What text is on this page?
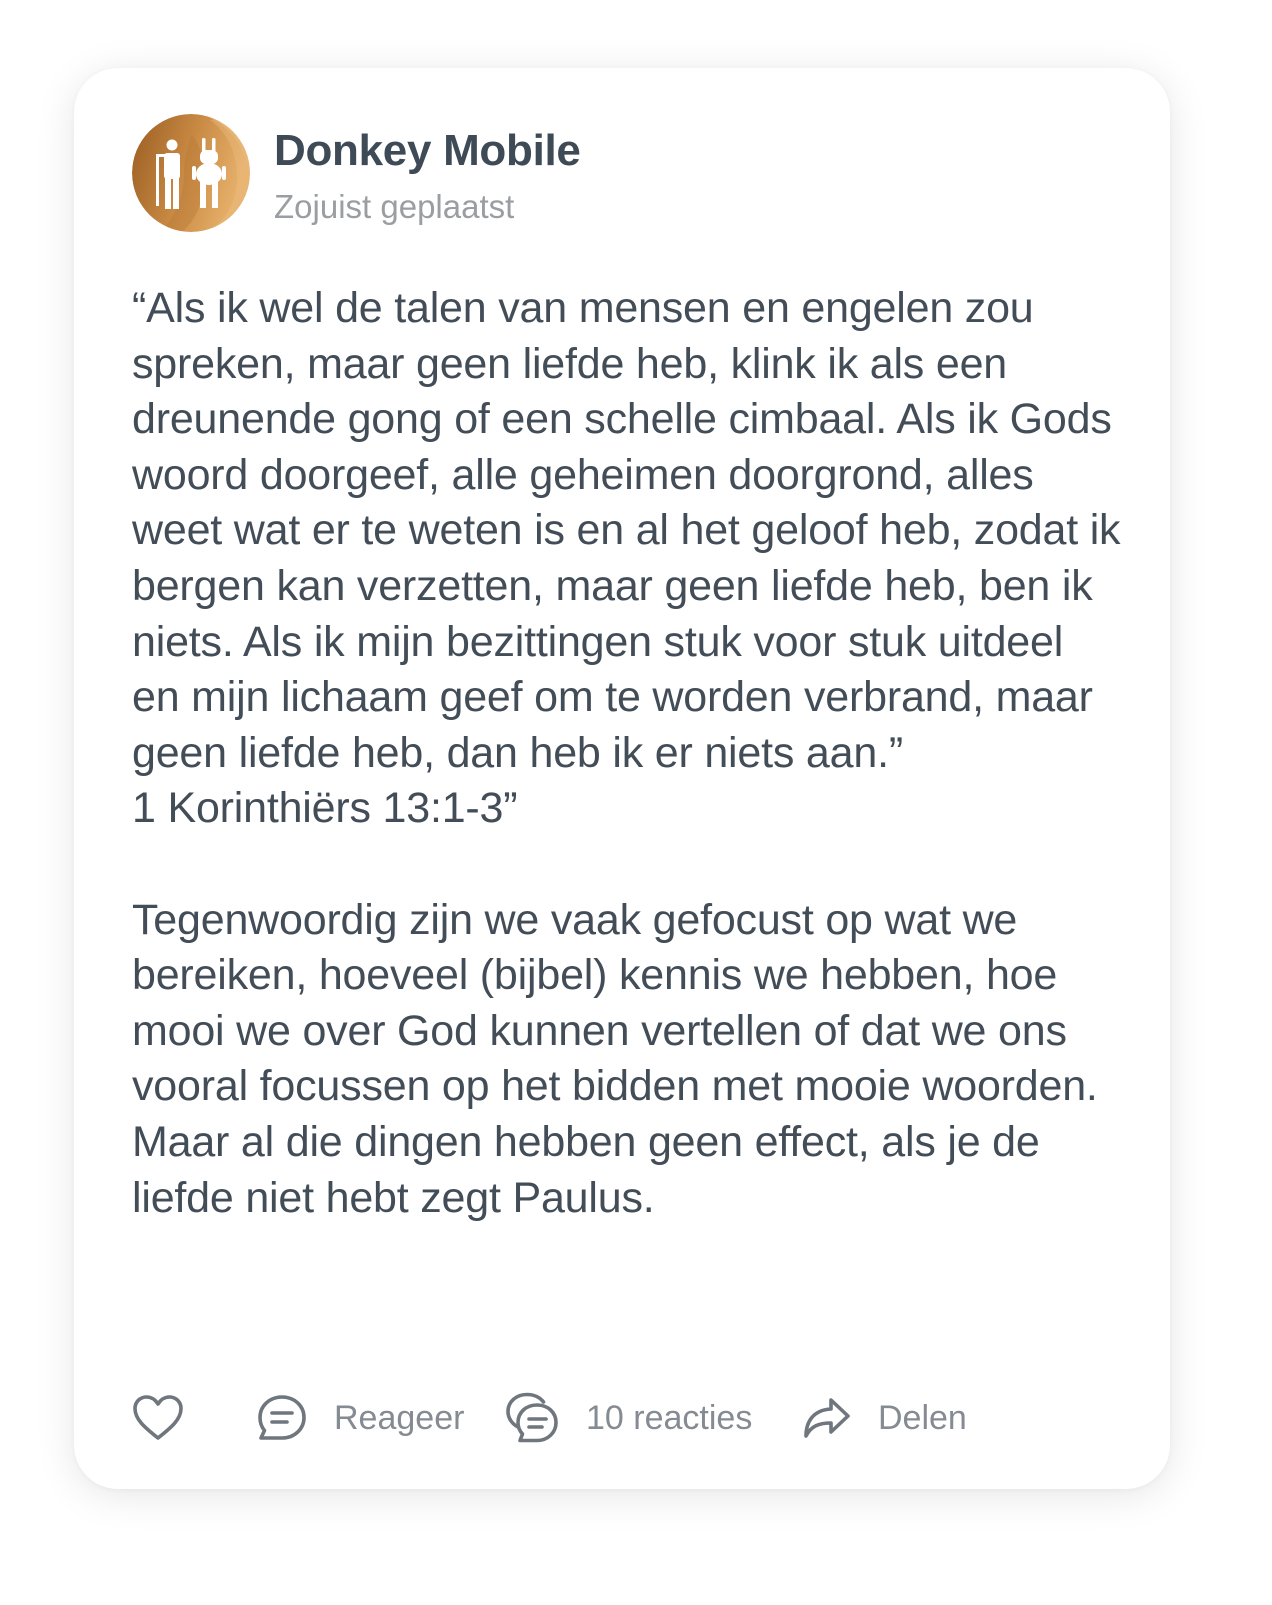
Donkey Mobile
Zojuist geplaatst

“Als ik wel de talen van mensen en engelen zou spreken, maar geen liefde heb, klink ik als een dreunende gong of een schelle cimbaal. Als ik Gods woord doorgeef, alle geheimen doorgrond, alles weet wat er te weten is en al het geloof heb, zodat ik bergen kan verzetten, maar geen liefde heb, ben ik niets. Als ik mijn bezittingen stuk voor stuk uitdeel en mijn lichaam geef om te worden verbrand, maar geen liefde heb, dan heb ik er niets aan.”
1 Korinthiërs 13:1-3”

Tegenwoordig zijn we vaak gefocust op wat we bereiken, hoeveel (bijbel) kennis we hebben, hoe mooi we over God kunnen vertellen of dat we ons vooral focussen op het bidden met mooie woorden. Maar al die dingen hebben geen effect, als je de liefde niet hebt zegt Paulus.

Reageer	10 reacties	Delen
